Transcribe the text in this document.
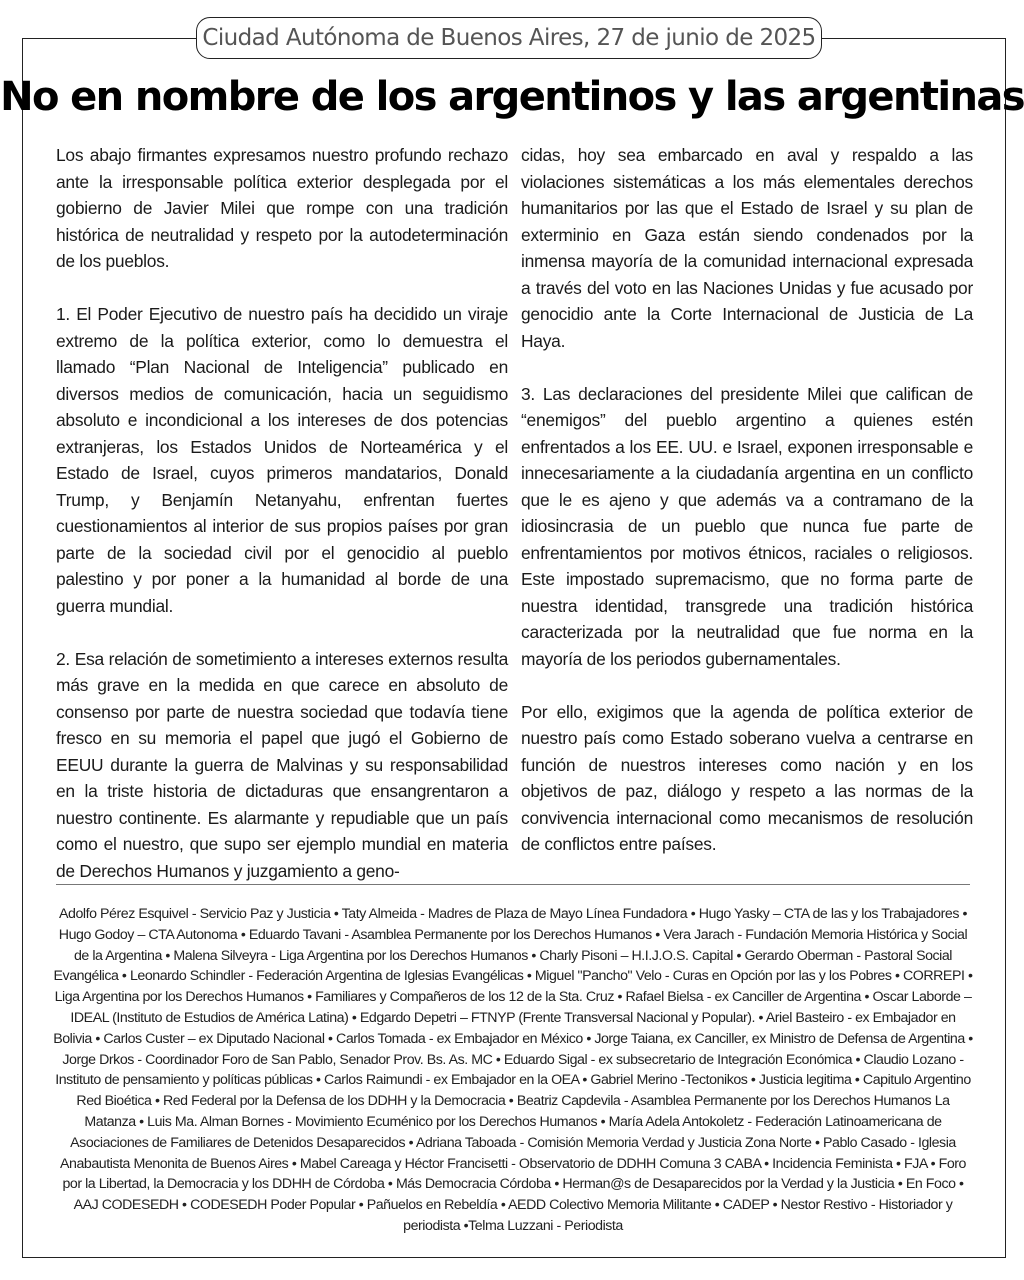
Ciudad Autónoma de Buenos Aires, 27 de junio de 2025
No en nombre de los argentinos y las argentinas

Los abajo firmantes expresamos nuestro profundo rechazo ante la irresponsable política exterior desplegada por el gobierno de Javier Milei que rompe con una tradición histórica de neutralidad y respeto por la autodeterminación de los pueblos.

1. El Poder Ejecutivo de nuestro país ha decidido un viraje extremo de la política exterior, como lo demuestra el llamado “Plan Nacional de Inteligencia” publicado en diversos medios de comunicación, hacia un seguidismo absoluto e incondicional a los intereses de dos potencias extranjeras, los Estados Unidos de Norteamérica y el Estado de Israel, cuyos primeros mandatarios, Donald Trump, y Benjamín Netanyahu, enfrentan fuertes cuestionamientos al interior de sus propios países por gran parte de la sociedad civil por el genocidio al pueblo palestino y por poner a la humanidad al borde de una guerra mundial.

2. Esa relación de sometimiento a intereses externos resulta más grave en la medida en que carece en absoluto de consenso por parte de nuestra sociedad que todavía tiene fresco en su memoria el papel que jugó el Gobierno de EEUU durante la guerra de Malvinas y su responsabilidad en la triste historia de dictaduras que ensangrentaron a nuestro continente. Es alarmante y repudiable que un país como el nuestro, que supo ser ejemplo mundial en materia de Derechos Humanos y juzgamiento a geno-

cidas, hoy sea embarcado en aval y respaldo a las violaciones sistemáticas a los más elementales derechos humanitarios por las que el Estado de Israel y su plan de exterminio en Gaza están siendo condenados por la inmensa mayoría de la comunidad internacional expresada a través del voto en las Naciones Unidas y fue acusado por genocidio ante la Corte Internacional de Justicia de La Haya.

3. Las declaraciones del presidente Milei que califican de “enemigos” del pueblo argentino a quienes estén enfrentados a los EE. UU. e Israel, exponen irresponsable e innecesariamente a la ciudadanía argentina en un conflicto que le es ajeno y que además va a contramano de la idiosincrasia de un pueblo que nunca fue parte de enfrentamientos por motivos étnicos, raciales o religiosos. Este impostado supremacismo, que no forma parte de nuestra identidad, transgrede una tradición histórica caracterizada por la neutralidad que fue norma en la mayoría de los periodos gubernamentales.

Por ello, exigimos que la agenda de política exterior de nuestro país como Estado soberano vuelva a centrarse en función de nuestros intereses como nación y en los objetivos de paz, diálogo y respeto a las normas de la convivencia internacional como mecanismos de resolución de conflictos entre países.

Adolfo Pérez Esquivel - Servicio Paz y Justicia • Taty Almeida - Madres de Plaza de Mayo Línea Fundadora • Hugo Yasky – CTA de las y los Trabajadores • Hugo Godoy – CTA Autonoma • Eduardo Tavani - Asamblea Permanente por los Derechos Humanos • Vera Jarach - Fundación Memoria Histórica y Social de la Argentina • Malena Silveyra - Liga Argentina por los Derechos Humanos • Charly Pisoni – H.I.J.O.S. Capital • Gerardo Oberman - Pastoral Social Evangélica • Leonardo Schindler - Federación Argentina de Iglesias Evangélicas • Miguel "Pancho" Velo - Curas en Opción por las y los Pobres • CORREPI • Liga Argentina por los Derechos Humanos • Familiares y Compañeros de los 12 de la Sta. Cruz • Rafael Bielsa - ex Canciller de Argentina • Oscar Laborde – IDEAL (Instituto de Estudios de América Latina) • Edgardo Depetri – FTNYP (Frente Transversal Nacional y Popular). • Ariel Basteiro - ex Embajador en Bolivia • Carlos Custer – ex Diputado Nacional • Carlos Tomada - ex Embajador en México • Jorge Taiana, ex Canciller, ex Ministro de Defensa de Argentina • Jorge Drkos - Coordinador Foro de San Pablo, Senador Prov. Bs. As. MC • Eduardo Sigal - ex subsecretario de Integración Económica • Claudio Lozano - Instituto de pensamiento y políticas públicas • Carlos Raimundi - ex Embajador en la OEA • Gabriel Merino -Tectonikos • Justicia legitima • Capitulo Argentino Red Bioética • Red Federal por la Defensa de los DDHH y la Democracia • Beatriz Capdevila - Asamblea Permanente por los Derechos Humanos La Matanza • Luis Ma. Alman Bornes - Movimiento Ecuménico por los Derechos Humanos • María Adela Antokoletz - Federación Latinoamericana de Asociaciones de Familiares de Detenidos Desaparecidos • Adriana Taboada - Comisión Memoria Verdad y Justicia Zona Norte • Pablo Casado - Iglesia Anabautista Menonita de Buenos Aires • Mabel Careaga y Héctor Francisetti - Observatorio de DDHH Comuna 3 CABA • Incidencia Feminista • FJA • Foro por la Libertad, la Democracia y los DDHH de Córdoba • Más Democracia Córdoba • Herman@s de Desaparecidos por la Verdad y la Justicia • En Foco • AAJ CODESEDH • CODESEDH Poder Popular • Pañuelos en Rebeldía • AEDD Colectivo Memoria Militante • CADEP • Nestor Restivo - Historiador y periodista •Telma Luzzani - Periodista
